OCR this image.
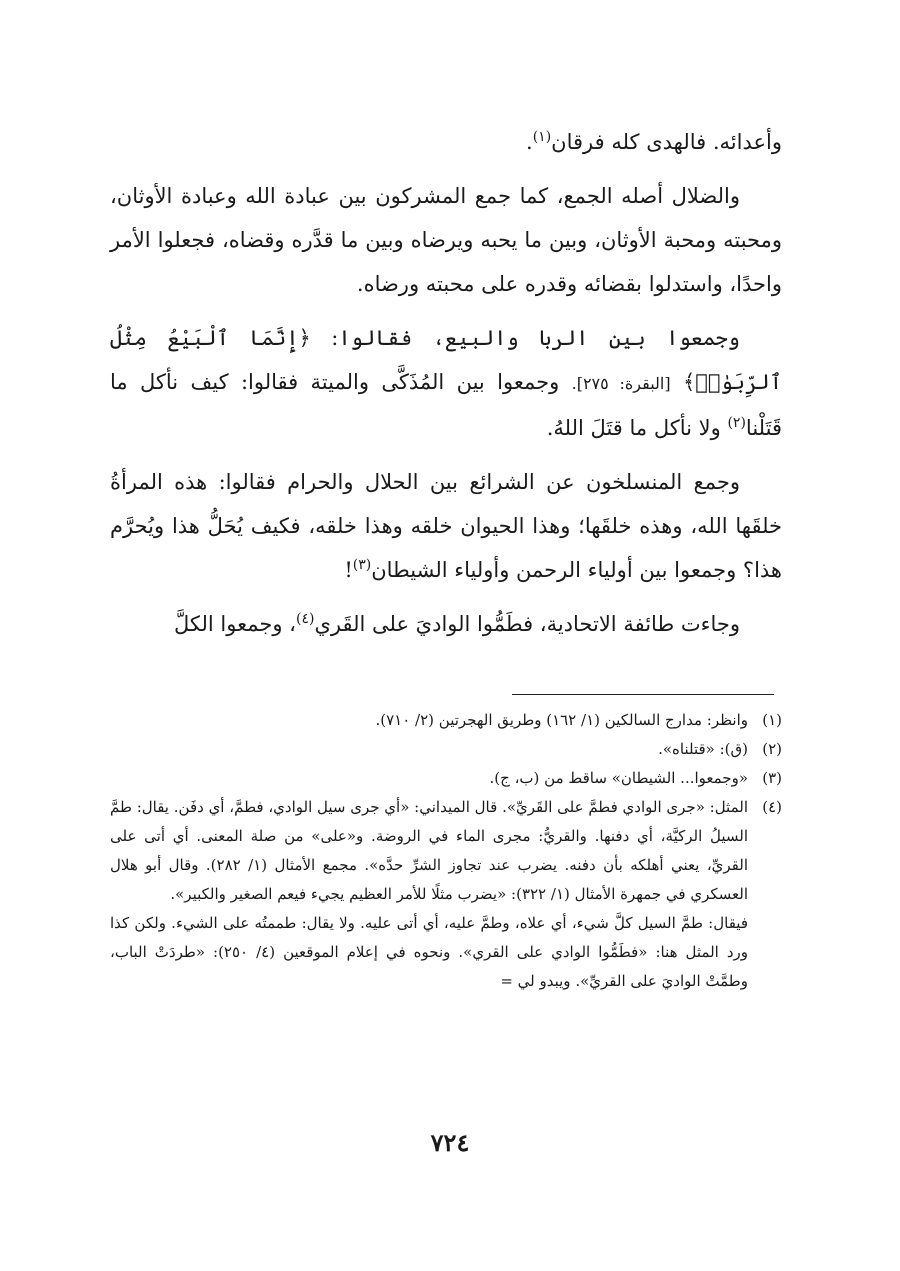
وأعدائه. فالهدى كله فرقان$^{(١)}$.

والضلال أصله الجمع، كما جمع المشركون بين عبادة الله وعبادة الأوثان، ومحبته ومحبة الأوثان، وبين ما يحبه ويرضاه وبين ما قدَّره وقضاه، فجعلوا الأمر واحدًا، واستدلوا بقضائه وقدره على محبته ورضاه.

وجمعوا بين الربا والبيع، فقالوا: ﴿إِنَّمَا ٱلْبَيْعُ مِثْلُ ٱلرِّبَوٰا۟﴾ [البقرة: ٢٧٥]. وجمعوا بين المُذَكَّى والميتة فقالوا: كيف نأكل ما قَتَلْنا$^{(٢)}$ ولا نأكل ما قتَلَ اللهُ.

وجمع المنسلخون عن الشرائع بين الحلال والحرام فقالوا: هذه المرأةُ خلقَها الله، وهذه خلقَها؛ وهذا الحيوان خلقه وهذا خلقه، فكيف يُحَلُّ هذا ويُحرَّم هذا؟ وجمعوا بين أولياء الرحمن وأولياء الشيطان$^{(٣)}$!

وجاءت طائفة الاتحادية، فطَمُّوا الواديَ على القَري$^{(٤)}$، وجمعوا الكلَّ

(١)

وانظر: مدارج السالكين (١/ ١٦٢) وطريق الهجرتين (٢/ ٧١٠).

(٢)

(ق): «قتلناه».

(٣)

«وجمعوا... الشيطان» ساقط من (ب، ج).

(٤)

المثل: «جرى الوادي فطمَّ على القَريِّ». قال الميداني: «أي جرى سيل الوادي، فطمَّ، أي دفَن. يقال: طمَّ السيلُ الركيَّة، أي دفنها. والقريُّ: مجرى الماء في الروضة. و«على» من صلة المعنى. أي أتى على القريِّ، يعني أهلكه بأن دفنه. يضرب عند تجاوز الشرِّ حدَّه». مجمع الأمثال (١/ ٢٨٢). وقال أبو هلال العسكري في جمهرة الأمثال (١/ ٣٢٢): «يضرب مثلًا للأمر العظيم يجيء فيعم الصغير والكبير».

فيقال: طمَّ السيل كلَّ شيء، أي علاه، وطمَّ عليه، أي أتى عليه. ولا يقال: طممتُه على الشيء. ولكن كذا ورد المثل هنا: «فطَمُّوا الوادي على القري». ونحوه في إعلام الموقعين (٤/ ٢٥٠): «طردَتْ الباب، وطمَّتْ الواديَ على القريِّ». ويبدو لي =

٧٢٤
